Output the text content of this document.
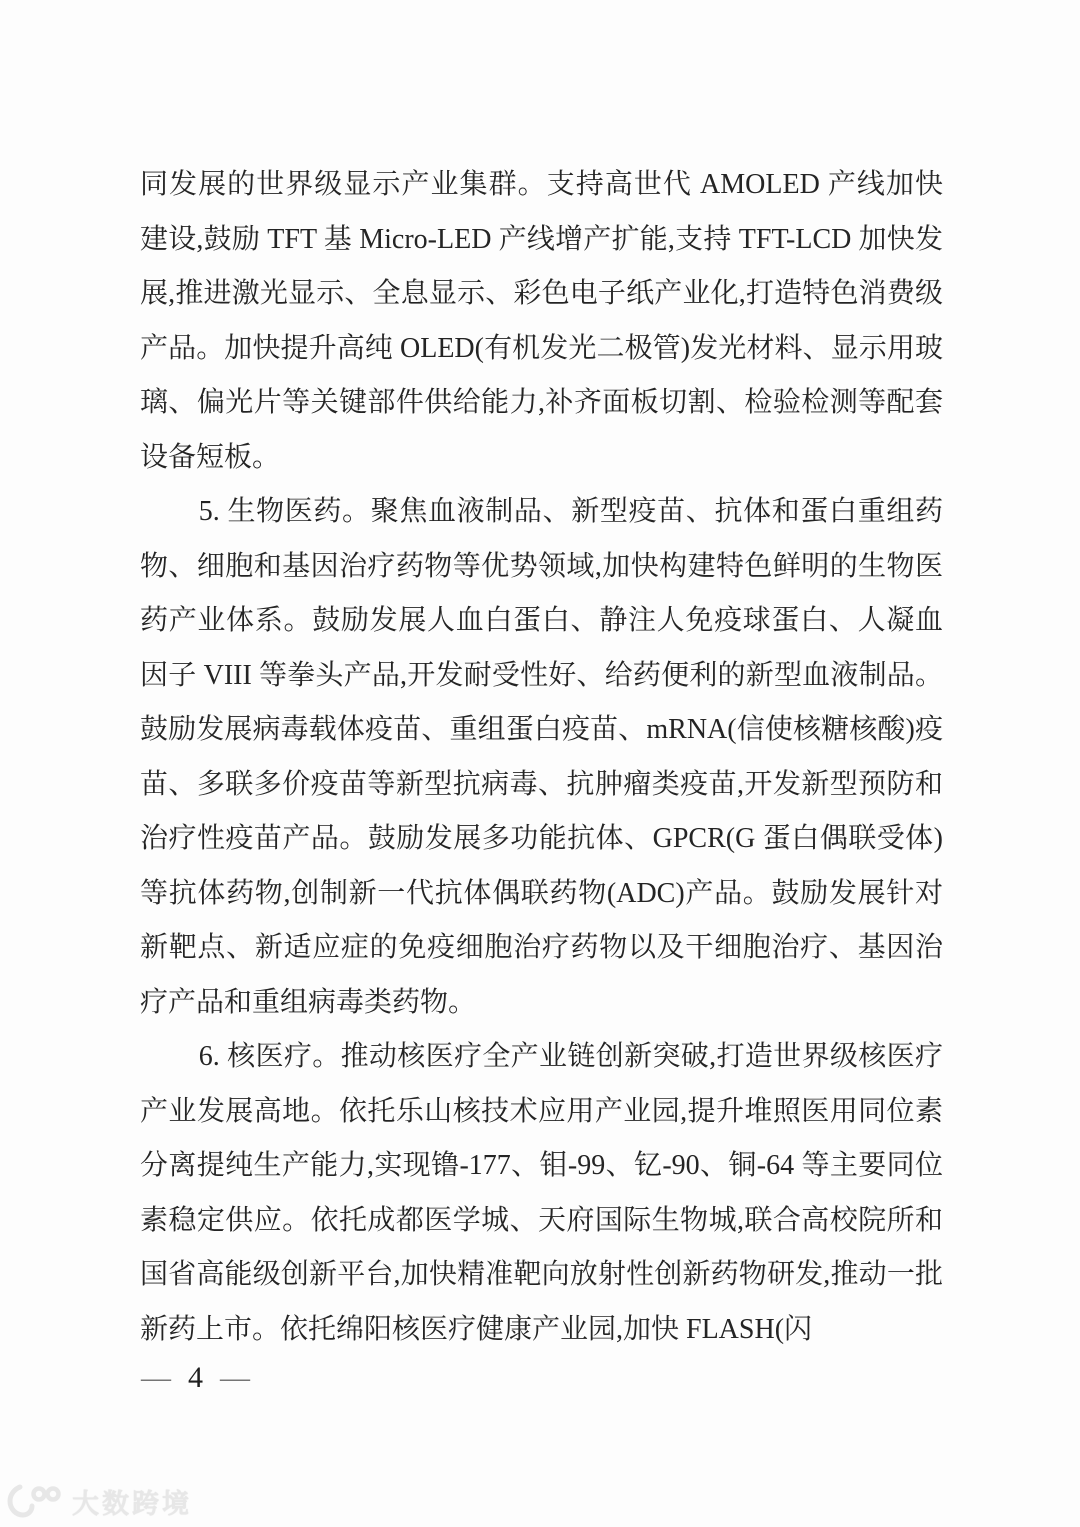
同发展的世界级显示产业集群。支持高世代 AMOLED 产线加快建设,鼓励 TFT 基 Micro-LED 产线增产扩能,支持 TFT-LCD 加快发展,推进激光显示、全息显示、彩色电子纸产业化,打造特色消费级产品。加快提升高纯 OLED(有机发光二极管)发光材料、显示用玻璃、偏光片等关键部件供给能力,补齐面板切割、检验检测等配套设备短板。

5. 生物医药。聚焦血液制品、新型疫苗、抗体和蛋白重组药物、细胞和基因治疗药物等优势领域,加快构建特色鲜明的生物医药产业体系。鼓励发展人血白蛋白、静注人免疫球蛋白、人凝血因子 VIII 等拳头产品,开发耐受性好、给药便利的新型血液制品。鼓励发展病毒载体疫苗、重组蛋白疫苗、mRNA(信使核糖核酸)疫苗、多联多价疫苗等新型抗病毒、抗肿瘤类疫苗,开发新型预防和治疗性疫苗产品。鼓励发展多功能抗体、GPCR(G 蛋白偶联受体)等抗体药物,创制新一代抗体偶联药物(ADC)产品。鼓励发展针对新靶点、新适应症的免疫细胞治疗药物以及干细胞治疗、基因治疗产品和重组病毒类药物。

6. 核医疗。推动核医疗全产业链创新突破,打造世界级核医疗产业发展高地。依托乐山核技术应用产业园,提升堆照医用同位素分离提纯生产能力,实现镥-177、钼-99、钇-90、铜-64 等主要同位素稳定供应。依托成都医学城、天府国际生物城,联合高校院所和国省高能级创新平台,加快精准靶向放射性创新药物研发,推动一批新药上市。依托绵阳核医疗健康产业园,加快 FLASH(闪

— 4 —
大数跨境
